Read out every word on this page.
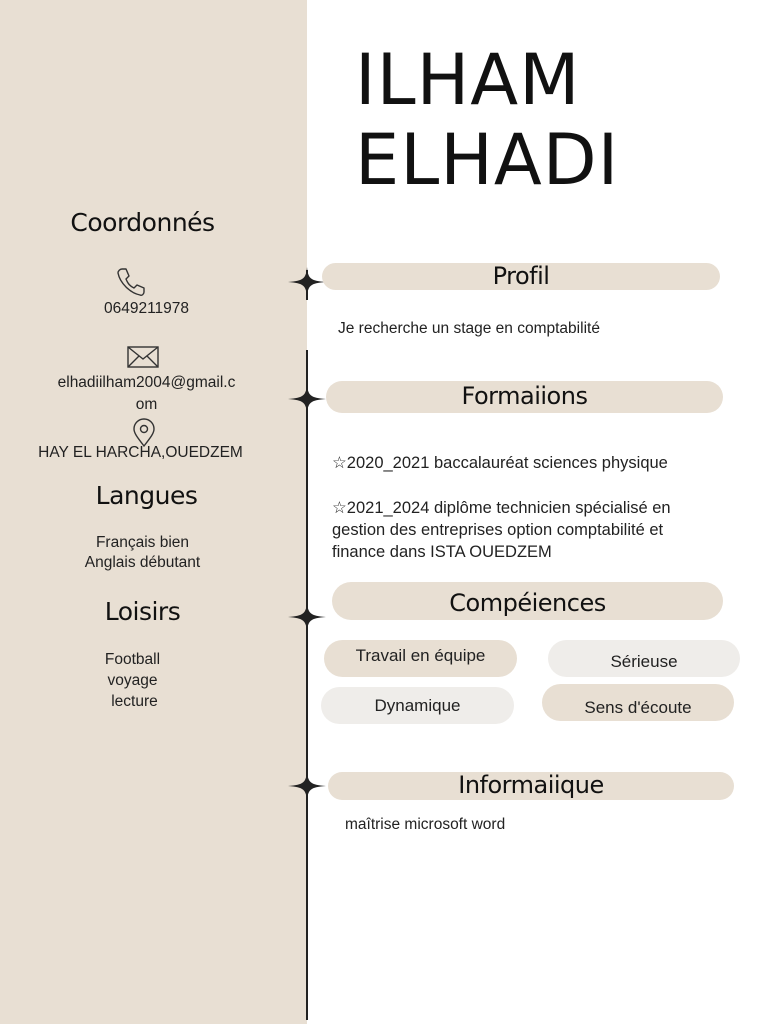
ILHAM
ELHADI
Coordonnés
0649211978
elhadiilham2004@gmail.c
om
HAY EL HARCHA,OUEDZEM
Langues
Français bien
Anglais débutant
Loisirs
Football
voyage
lecture
Profil
Je recherche un stage en comptabilité
Formaiions
☆2020_2021 baccalauréat sciences physique
☆2021_2024 diplôme technicien spécialisé en
gestion des entreprises option comptabilité et
finance dans ISTA OUEDZEM
Compéiences
Travail en équipe	Sérieuse
Dynamique	Sens d'écoute
Informaiique
maîtrise microsoft word
